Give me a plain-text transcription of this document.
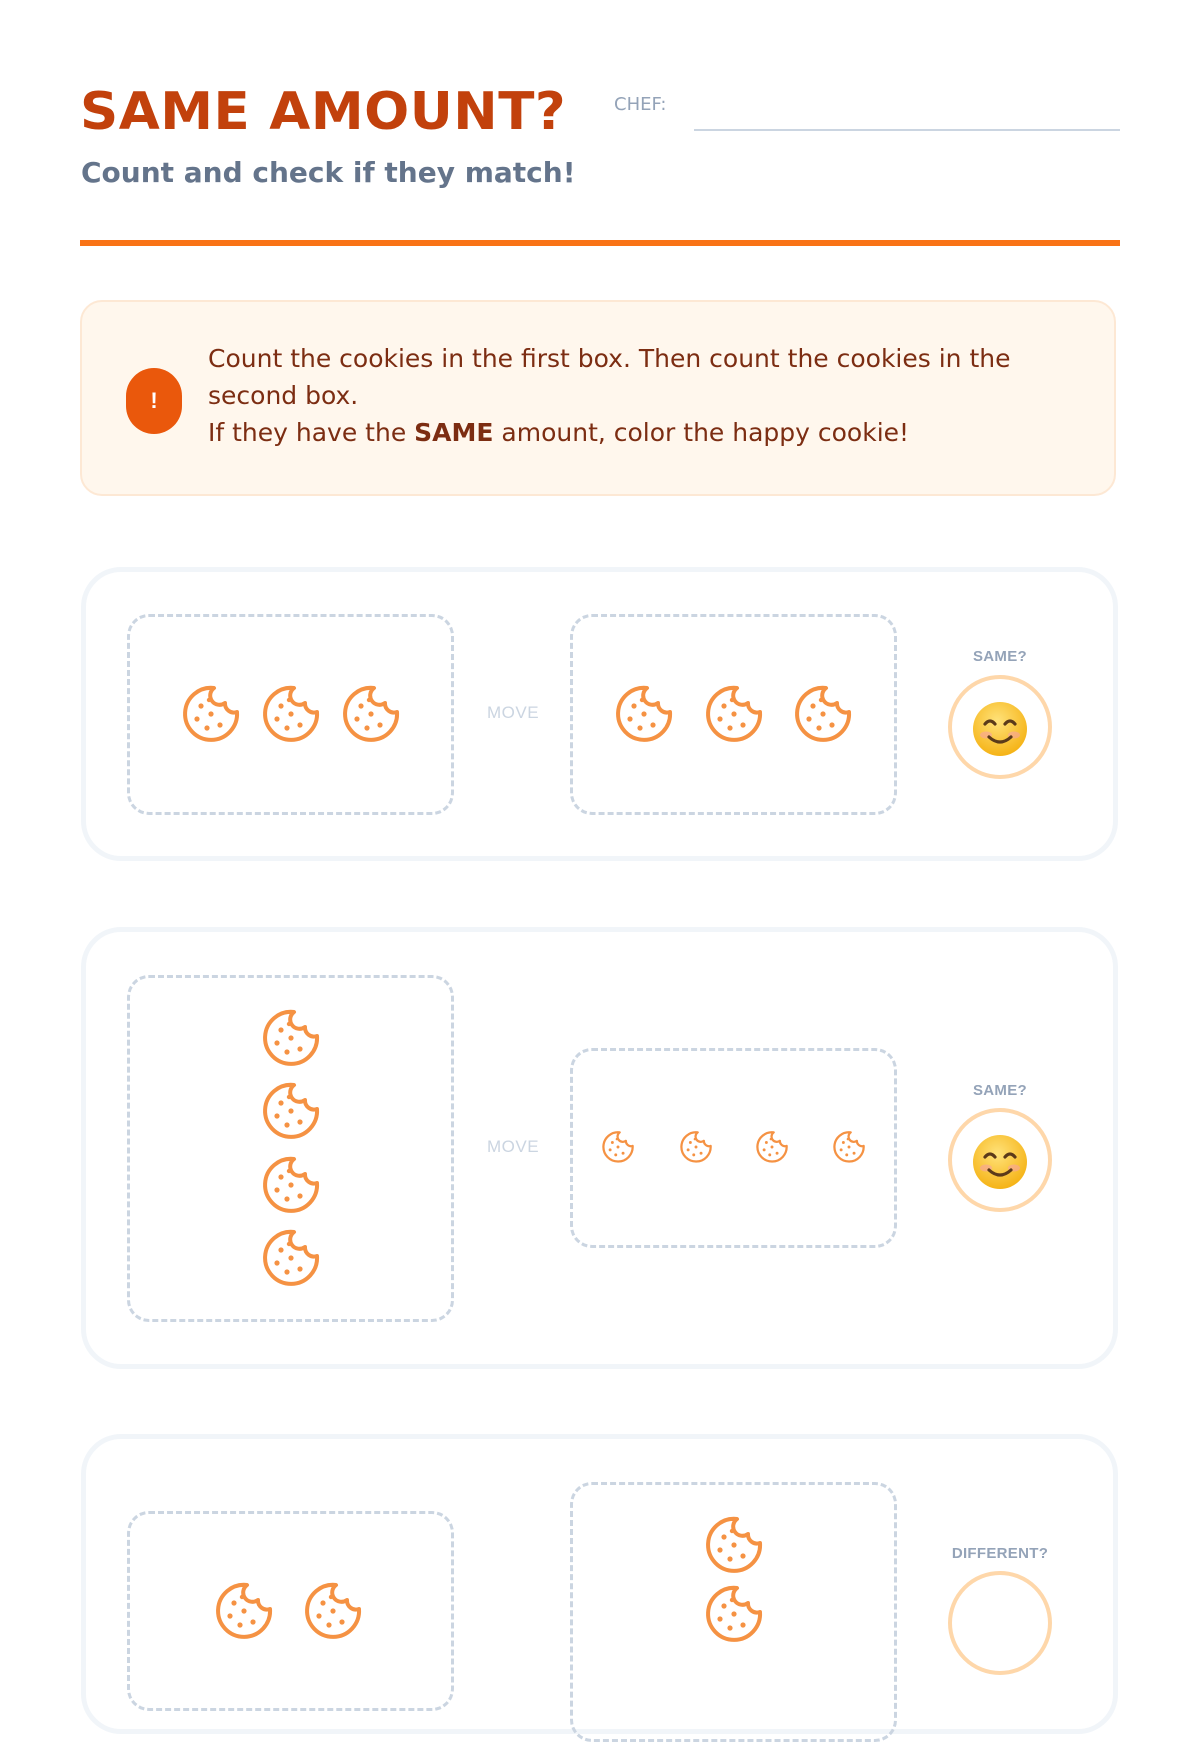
SAME AMOUNT?	CHEF:
Count and check if they match!
!
Count the cookies in the first box. Then count the cookies in the second box.
If they have the SAME amount, color the happy cookie!
MOVE
SAME?
MOVE
SAME?
DIFFERENT?
